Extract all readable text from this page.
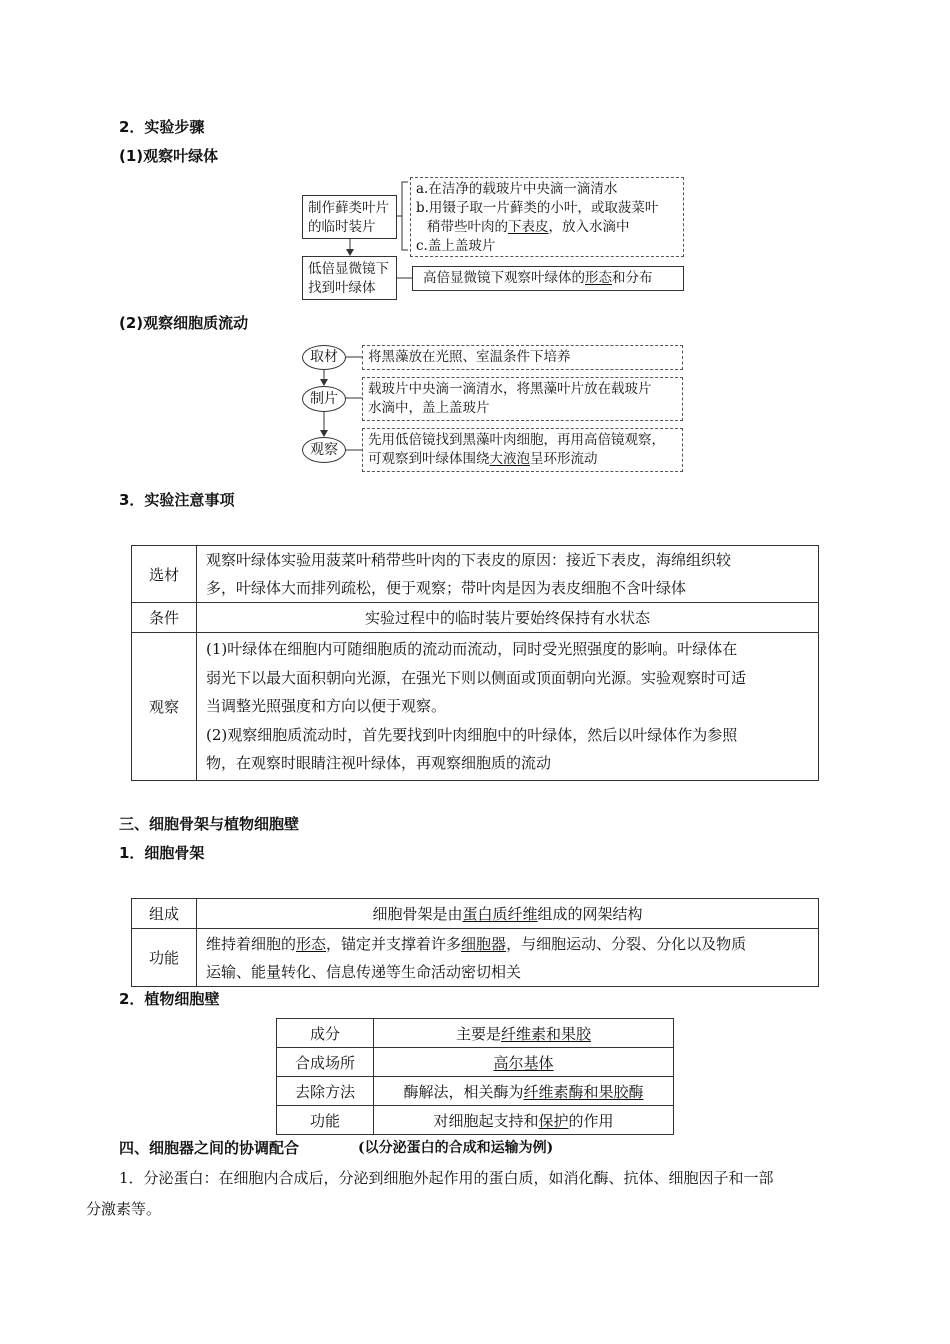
2．实验步骤
(1)观察叶绿体
制作藓类叶片
的临时装片
a.在洁净的载玻片中央滴一滴清水
b.用镊子取一片藓类的小叶，或取菠菜叶
稍带些叶肉的下表皮，放入水滴中
c.盖上盖玻片
低倍显微镜下
找到叶绿体
高倍显微镜下观察叶绿体的形态和分布
(2)观察细胞质流动
取材	将黑藻放在光照、室温条件下培养
制片
载玻片中央滴一滴清水，将黑藻叶片放在载玻片
水滴中，盖上盖玻片
观察
先用低倍镜找到黑藻叶肉细胞，再用高倍镜观察，
可观察到叶绿体围绕大液泡呈环形流动
3．实验注意事项
选材	观察叶绿体实验用菠菜叶稍带些叶肉的下表皮的原因：接近下表皮，海绵组织较
多，叶绿体大而排列疏松，便于观察；带叶肉是因为表皮细胞不含叶绿体

条件	实验过程中的临时装片要始终保持有水状态
观察	(1)叶绿体在细胞内可随细胞质的流动而流动，同时受光照强度的影响。叶绿体在
弱光下以最大面积朝向光源，在强光下则以侧面或顶面朝向光源。实验观察时可适
当调整光照强度和方向以便于观察。
(2)观察细胞质流动时，首先要找到叶肉细胞中的叶绿体，然后以叶绿体作为参照
物，在观察时眼睛注视叶绿体，再观察细胞质的流动
三、细胞骨架与植物细胞壁
1．细胞骨架
组成	细胞骨架是由蛋白质纤维组成的网架结构
功能	维持着细胞的形态，锚定并支撑着许多细胞器，与细胞运动、分裂、分化以及物质
运输、能量转化、信息传递等生命活动密切相关
2．植物细胞壁
成分	主要是纤维素和果胶
合成场所	高尔基体
去除方法	酶解法，相关酶为纤维素酶和果胶酶
功能	对细胞起支持和保护的作用
四、细胞器之间的协调配合	(以分泌蛋白的合成和运输为例)
1．分泌蛋白：在细胞内合成后，分泌到细胞外起作用的蛋白质，如消化酶、抗体、细胞因子和一部
分激素等。
